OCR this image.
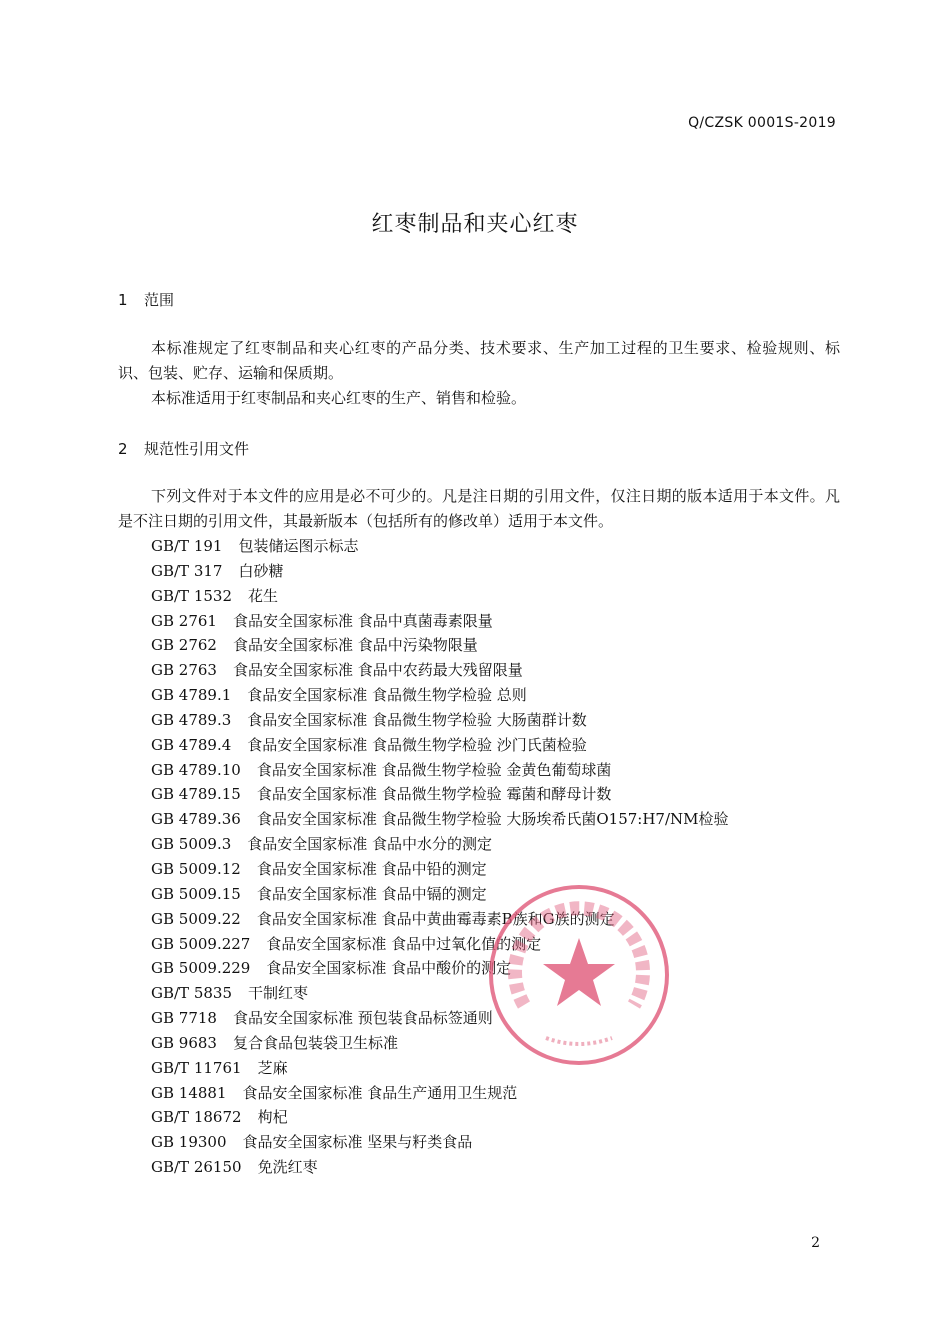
Q/CZSK 0001S-2019
红枣制品和夹心红枣
1 范围
本标准规定了红枣制品和夹心红枣的产品分类、技术要求、生产加工过程的卫生要求、检验规则、标识、包装、贮存、运输和保质期。
本标准适用于红枣制品和夹心红枣的生产、销售和检验。
2 规范性引用文件
下列文件对于本文件的应用是必不可少的。凡是注日期的引用文件，仅注日期的版本适用于本文件。凡是不注日期的引用文件，其最新版本（包括所有的修改单）适用于本文件。
GB/T 191 包装储运图示标志
GB/T 317 白砂糖
GB/T 1532 花生
GB 2761 食品安全国家标准 食品中真菌毒素限量
GB 2762 食品安全国家标准 食品中污染物限量
GB 2763 食品安全国家标准 食品中农药最大残留限量
GB 4789.1 食品安全国家标准 食品微生物学检验 总则
GB 4789.3 食品安全国家标准 食品微生物学检验 大肠菌群计数
GB 4789.4 食品安全国家标准 食品微生物学检验 沙门氏菌检验
GB 4789.10 食品安全国家标准 食品微生物学检验 金黄色葡萄球菌
GB 4789.15 食品安全国家标准 食品微生物学检验 霉菌和酵母计数
GB 4789.36 食品安全国家标准 食品微生物学检验 大肠埃希氏菌O157:H7/NM检验
GB 5009.3 食品安全国家标准 食品中水分的测定
GB 5009.12 食品安全国家标准 食品中铅的测定
GB 5009.15 食品安全国家标准 食品中镉的测定
GB 5009.22 食品安全国家标准 食品中黄曲霉毒素B族和G族的测定
GB 5009.227 食品安全国家标准 食品中过氧化值的测定
GB 5009.229 食品安全国家标准 食品中酸价的测定
GB/T 5835 干制红枣
GB 7718 食品安全国家标准 预包装食品标签通则
GB 9683 复合食品包装袋卫生标准
GB/T 11761 芝麻
GB 14881 食品安全国家标准 食品生产通用卫生规范
GB/T 18672 枸杞
GB 19300 食品安全国家标准 坚果与籽类食品
GB/T 26150 免洗红枣
2
